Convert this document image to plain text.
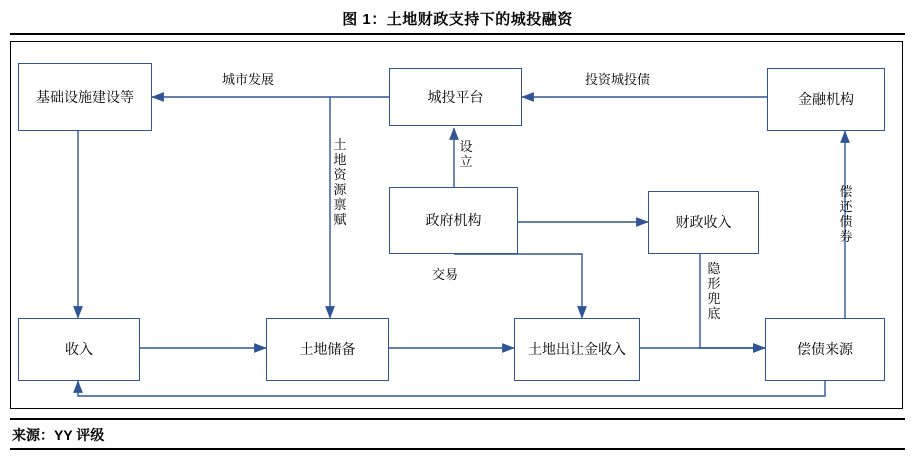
图 1：土地财政支持下的城投融资
基础设施建设等	城投平台	金融机构
政府机构	财政收入
收入	土地储备	土地出让金收入	偿债来源
城市发展	投资城投债
土地资源禀赋
设立
偿还债券
交易	隐形兜底
来源：YY 评级
